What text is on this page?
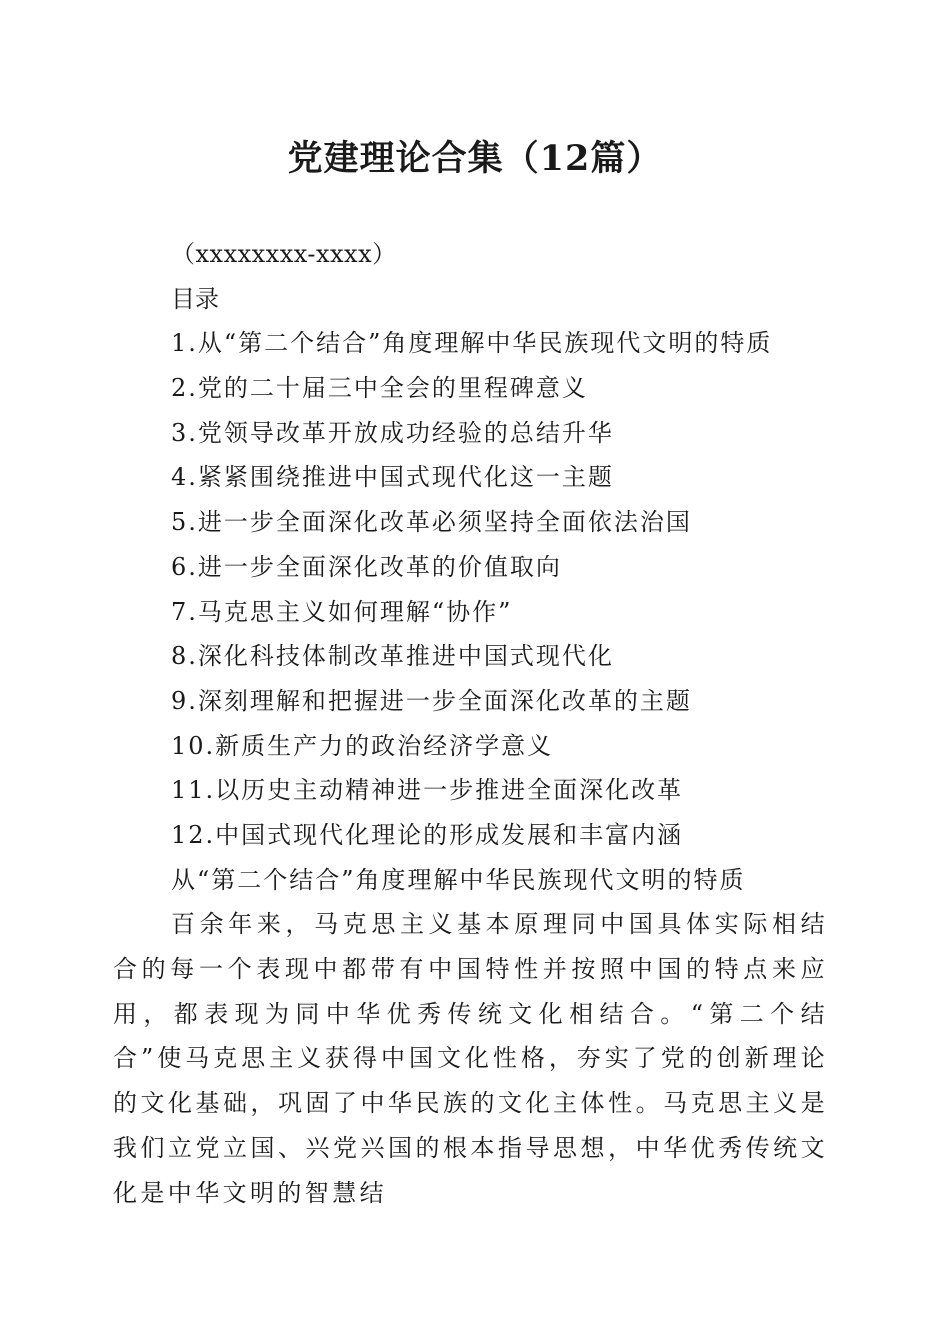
党建理论合集（12篇）

（xxxxxxxx-xxxx）

目录

1.从“第二个结合”角度理解中华民族现代文明的特质
2.党的二十届三中全会的里程碑意义
3.党领导改革开放成功经验的总结升华
4.紧紧围绕推进中国式现代化这一主题
5.进一步全面深化改革必须坚持全面依法治国
6.进一步全面深化改革的价值取向
7.马克思主义如何理解“协作”
8.深化科技体制改革推进中国式现代化
9.深刻理解和把握进一步全面深化改革的主题
10.新质生产力的政治经济学意义
11.以历史主动精神进一步推进全面深化改革
12.中国式现代化理论的形成发展和丰富内涵

从“第二个结合”角度理解中华民族现代文明的特质

百余年来，马克思主义基本原理同中国具体实际相结合的每一个表现中都带有中国特性并按照中国的特点来应用，都表现为同中华优秀传统文化相结合。“第二个结合”使马克思主义获得中国文化性格，夯实了党的创新理论的文化基础，巩固了中华民族的文化主体性。马克思主义是我们立党立国、兴党兴国的根本指导思想，中华优秀传统文化是中华文明的智慧结
